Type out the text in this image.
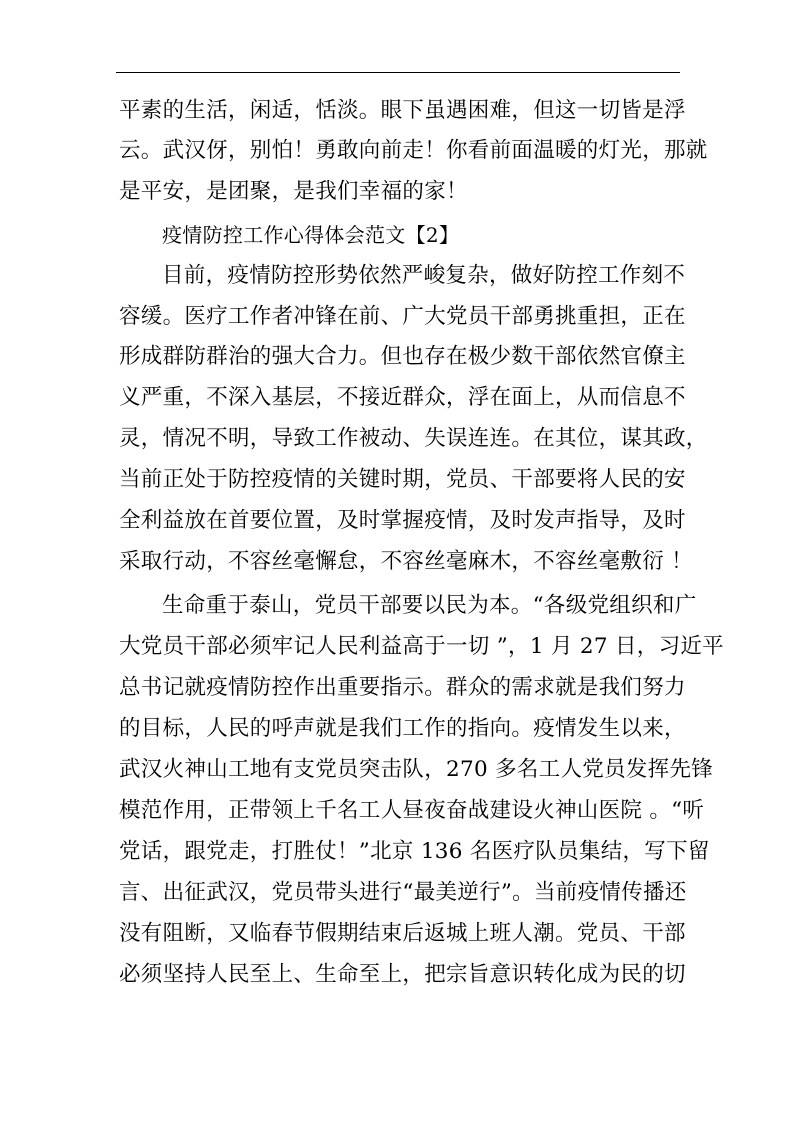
平素的生活，闲适，恬淡。眼下虽遇困难，但这一切皆是浮
云。武汉伢，别怕！勇敢向前走！你看前面温暖的灯光，那就
是平安，是团聚，是我们幸福的家！
疫情防控工作心得体会范文【2】
目前，疫情防控形势依然严峻复杂，做好防控工作刻不
容缓。医疗工作者冲锋在前、广大党员干部勇挑重担，正在
形成群防群治的强大合力。但也存在极少数干部依然官僚主
义严重，不深入基层，不接近群众，浮在面上，从而信息不
灵，情况不明，导致工作被动、失误连连。在其位，谋其政，
当前正处于防控疫情的关键时期，党员、干部要将人民的安
全利益放在首要位置，及时掌握疫情，及时发声指导，及时
采取行动，不容丝毫懈怠，不容丝毫麻木，不容丝毫敷衍 ！
生命重于泰山，党员干部要以民为本。“各级党组织和广
大党员干部必须牢记人民利益高于一切 ”，1 月 27 日，习近平
总书记就疫情防控作出重要指示。群众的需求就是我们努力
的目标，人民的呼声就是我们工作的指向。疫情发生以来，
武汉火神山工地有支党员突击队，270 多名工人党员发挥先锋
模范作用，正带领上千名工人昼夜奋战建设火神山医院 。“听
党话，跟党走，打胜仗！”北京 136 名医疗队员集结，写下留
言、出征武汉，党员带头进行“最美逆行”。当前疫情传播还
没有阻断，又临春节假期结束后返城上班人潮。党员、干部
必须坚持人民至上、生命至上，把宗旨意识转化成为民的切
